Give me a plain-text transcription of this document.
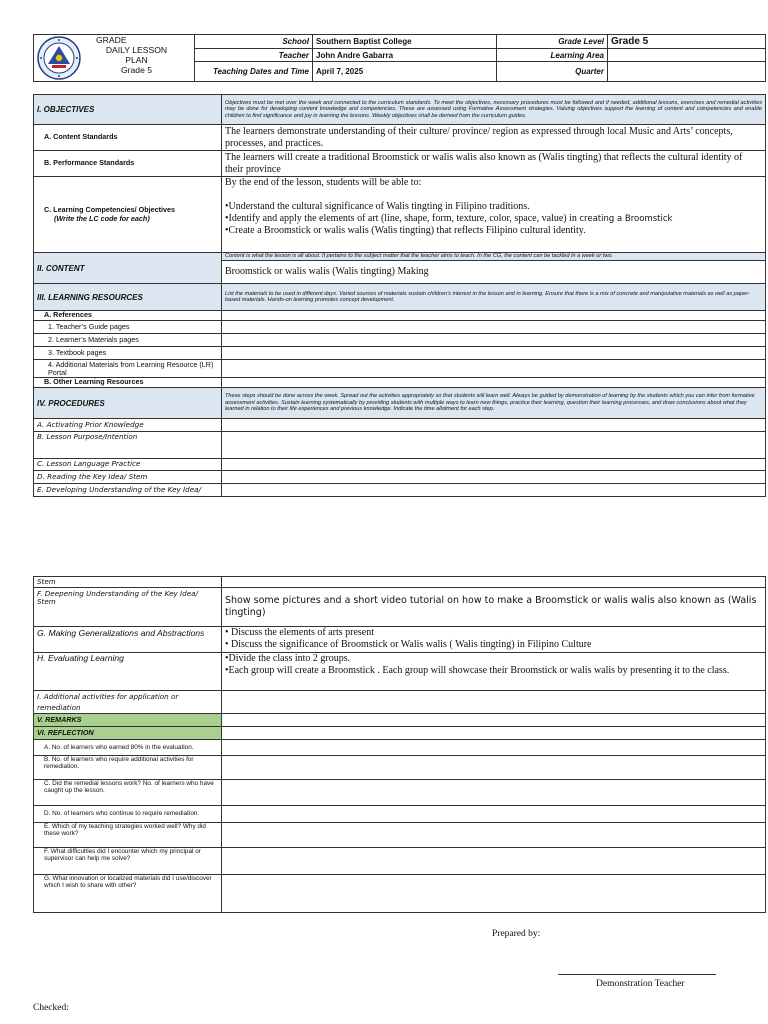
GRADE
DAILY LESSON
PLAN
Grade 5	School	Southern Baptist College	Grade Level	Grade 5
	Teacher	John Andre Gabarra	Learning Area	
	Teaching Dates and Time	April 7, 2025	Quarter	
I. OBJECTIVES	Objectives must be met over the week and connected to the curriculum standards. To meet the objectives, necessary procedures must be followed and if needed, additional lessons, exercises and remedial activities may be done for developing content knowledge and competencies. These are assessed using Formative Assessment strategies. Valuing objectives support the learning of content and competencies and enable children to find significance and joy in learning the lessons. Weekly objectives shall be derived from the curriculum guides.
A. Content Standards	The learners demonstrate understanding of their culture/ province/ region as expressed through local Music and Arts’ concepts, processes, and practices.
B. Performance Standards	The learners will create a traditional Broomstick or walis walis also known as (Walis tingting) that reflects the cultural identity of their province

C. Learning Competencies/ Objectives
(Write the LC code for each)	By the end of the lesson, students will be able to:
•Understand the cultural significance of Walis tingting in Filipino traditions.
•Identify and apply the elements of art (line, shape, form, texture, color, space, value) in creating a Broomstick
•Create a Broomstick or walis walis (Walis tingting) that reflects Filipino cultural identity.

II. CONTENT	Content is what the lesson is all about. It pertains to the subject matter that the teacher aims to teach. In the CG, the content can be tackled in a week or two.
	Broomstick or walis walis (Walis tingting) Making
III. LEARNING RESOURCES	List the materials to be used in different days. Varied sources of materials sustain children’s interest in the lesson and in learning. Ensure that there is a mix of concrete and manipulative materials as well as paper-based materials. Hands-on learning promotes concept development.
A. References	
1. Teacher’s Guide pages	
2. Learner’s Materials pages	
3. Textbook pages	
4. Additional Materials from Learning Resource (LR) Portal	
B. Other Learning Resources	
IV. PROCEDURES	These steps should be done across the week. Spread out the activities appropriately so that students will learn well. Always be guided by demonstration of learning by the students which you can infer from formative assessment activities. Sustain learning systematically by providing students with multiple ways to learn new things, practice their learning, question their learning processes, and draw conclusions about what they learned in relation to their life experiences and previous knowledge. Indicate the time allotment for each step.
A. Activating Prior Knowledge	
B. Lesson Purpose/Intention	
C. Lesson Language Practice	
D. Reading the Key Idea/ Stem	
E. Developing Understanding of the Key Idea/	
Stem	
F. Deepening Understanding of the Key Idea/ Stem	Show some pictures and a short video tutorial on how to make a Broomstick or walis walis also known as (Walis tingting)
G. Making Generalizations and Abstractions	• Discuss the elements of arts present
• Discuss the significance of Broomstick or Walis walis ( Walis tingting) in Filipino Culture

H. Evaluating Learning	•Divide the class into 2 groups.
•Each group will create a Broomstick . Each group will showcase their Broomstick or walis walis by presenting it to the class.

I. Additional activities for application or remediation	
V. REMARKS	
VI. REFLECTION	
A. No. of learners who earned 80% in the evaluation.	
B. No. of learners who require additional activities for remediation.	
C. Did the remedial lessons work? No. of learners who have caught up the lesson.	
D. No. of learners who continue to require remediation.	
E. Which of my teaching strategies worked well? Why did these work?	
F. What difficulties did I encounter which my principal or supervisor can help me solve?	
G. What innovation or localized materials did I use/discover which I wish to share with other?	
Prepared by:
Demonstration Teacher
Checked:
